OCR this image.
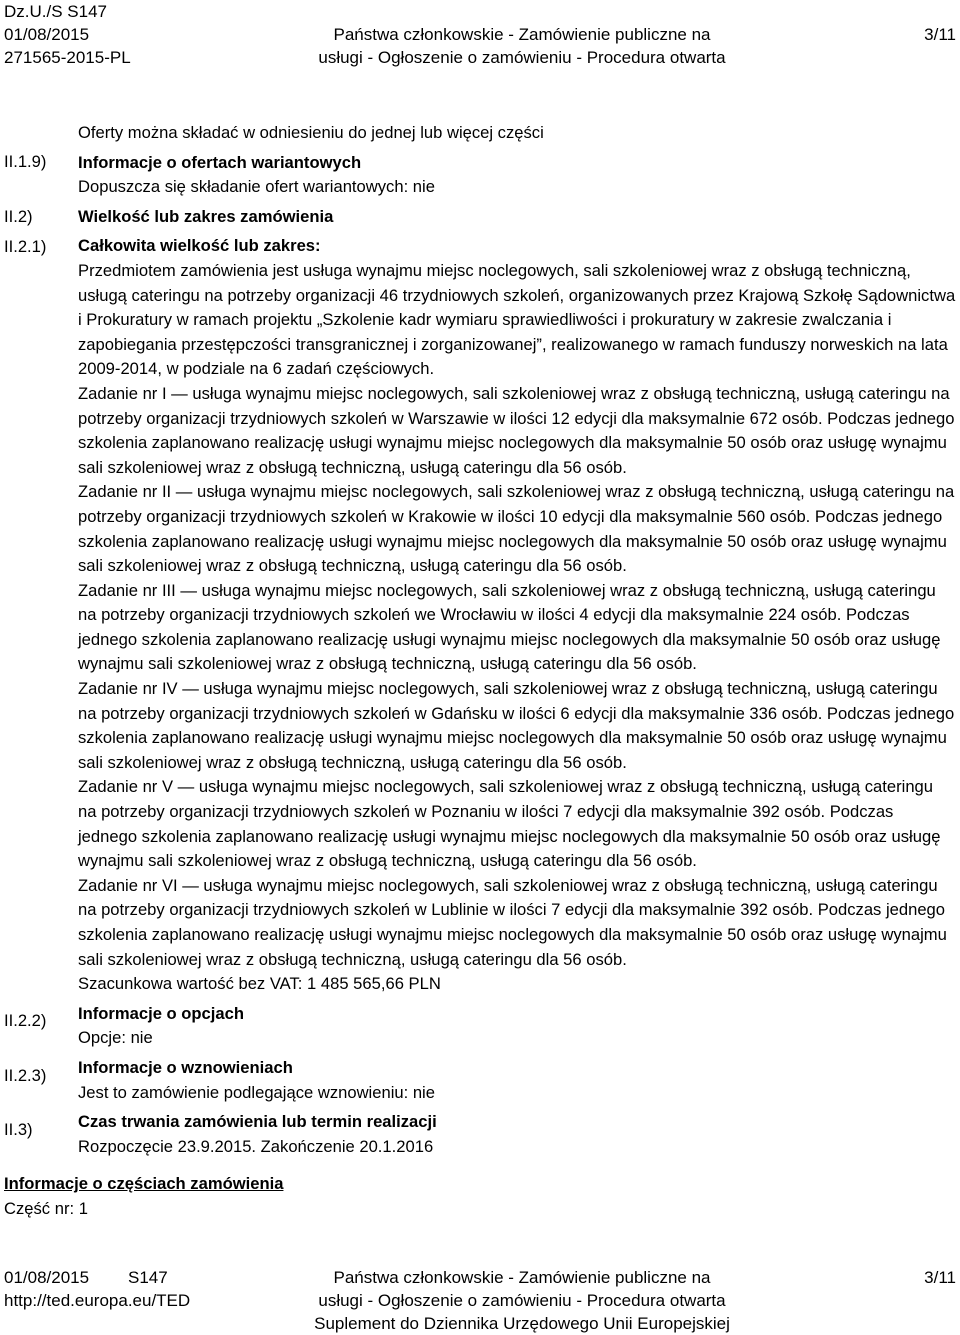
Dz.U./S S147
01/08/2015	Państwa członkowskie - Zamówienie publiczne na	3/11
271565-2015-PL	usługi - Ogłoszenie o zamówieniu - Procedura otwarta
II.1.9)
II.2)
II.2.1)
II.2.2)
II.2.3)
II.3)

Oferty można składać w odniesieniu do jednej lub więcej części

Informacje o ofertach wariantowych

Dopuszcza się składanie ofert wariantowych: nie

Wielkość lub zakres zamówienia

Całkowita wielkość lub zakres:

Przedmiotem zamówienia jest usługa wynajmu miejsc noclegowych, sali szkoleniowej wraz z obsługą techniczną, usługą cateringu na potrzeby organizacji 46 trzydniowych szkoleń, organizowanych przez Krajową Szkołę Sądownictwa i Prokuratury w ramach projektu „Szkolenie kadr wymiaru sprawiedliwości i prokuratury w zakresie zwalczania i zapobiegania przestępczości transgranicznej i zorganizowanej”, realizowanego w ramach funduszy norweskich na lata 2009-2014, w podziale na 6 zadań częściowych.

Zadanie nr I — usługa wynajmu miejsc noclegowych, sali szkoleniowej wraz z obsługą techniczną, usługą cateringu na potrzeby organizacji trzydniowych szkoleń w Warszawie w ilości 12 edycji dla maksymalnie 672 osób. Podczas jednego szkolenia zaplanowano realizację usługi wynajmu miejsc noclegowych dla maksymalnie 50 osób oraz usługę wynajmu sali szkoleniowej wraz z obsługą techniczną, usługą cateringu dla 56 osób.

Zadanie nr II — usługa wynajmu miejsc noclegowych, sali szkoleniowej wraz z obsługą techniczną, usługą cateringu na potrzeby organizacji trzydniowych szkoleń w Krakowie w ilości 10 edycji dla maksymalnie 560 osób. Podczas jednego szkolenia zaplanowano realizację usługi wynajmu miejsc noclegowych dla maksymalnie 50 osób oraz usługę wynajmu sali szkoleniowej wraz z obsługą techniczną, usługą cateringu dla 56 osób.

Zadanie nr III — usługa wynajmu miejsc noclegowych, sali szkoleniowej wraz z obsługą techniczną, usługą cateringu na potrzeby organizacji trzydniowych szkoleń we Wrocławiu w ilości 4 edycji dla maksymalnie 224 osób. Podczas jednego szkolenia zaplanowano realizację usługi wynajmu miejsc noclegowych dla maksymalnie 50 osób oraz usługę wynajmu sali szkoleniowej wraz z obsługą techniczną, usługą cateringu dla 56 osób.

Zadanie nr IV — usługa wynajmu miejsc noclegowych, sali szkoleniowej wraz z obsługą techniczną, usługą cateringu na potrzeby organizacji trzydniowych szkoleń w Gdańsku w ilości 6 edycji dla maksymalnie 336 osób. Podczas jednego szkolenia zaplanowano realizację usługi wynajmu miejsc noclegowych dla maksymalnie 50 osób oraz usługę wynajmu sali szkoleniowej wraz z obsługą techniczną, usługą cateringu dla 56 osób.

Zadanie nr V — usługa wynajmu miejsc noclegowych, sali szkoleniowej wraz z obsługą techniczną, usługą cateringu na potrzeby organizacji trzydniowych szkoleń w Poznaniu w ilości 7 edycji dla maksymalnie 392 osób. Podczas jednego szkolenia zaplanowano realizację usługi wynajmu miejsc noclegowych dla maksymalnie 50 osób oraz usługę wynajmu sali szkoleniowej wraz z obsługą techniczną, usługą cateringu dla 56 osób.

Zadanie nr VI — usługa wynajmu miejsc noclegowych, sali szkoleniowej wraz z obsługą techniczną, usługą cateringu na potrzeby organizacji trzydniowych szkoleń w Lublinie w ilości 7 edycji dla maksymalnie 392 osób. Podczas jednego szkolenia zaplanowano realizację usługi wynajmu miejsc noclegowych dla maksymalnie 50 osób oraz usługę wynajmu sali szkoleniowej wraz z obsługą techniczną, usługą cateringu dla 56 osób.

Szacunkowa wartość bez VAT: 1 485 565,66 PLN

Informacje o opcjach

Opcje: nie

Informacje o wznowieniach

Jest to zamówienie podlegające wznowieniu: nie

Czas trwania zamówienia lub termin realizacji

Rozpoczęcie 23.9.2015. Zakończenie 20.1.2016

Informacje o częściach zamówienia

Część nr: 1

01/08/2015 S147	Państwa członkowskie - Zamówienie publiczne na	3/11
http://ted.europa.eu/TED	usługi - Ogłoszenie o zamówieniu - Procedura otwarta
Suplement do Dziennika Urzędowego Unii Europejskiej
